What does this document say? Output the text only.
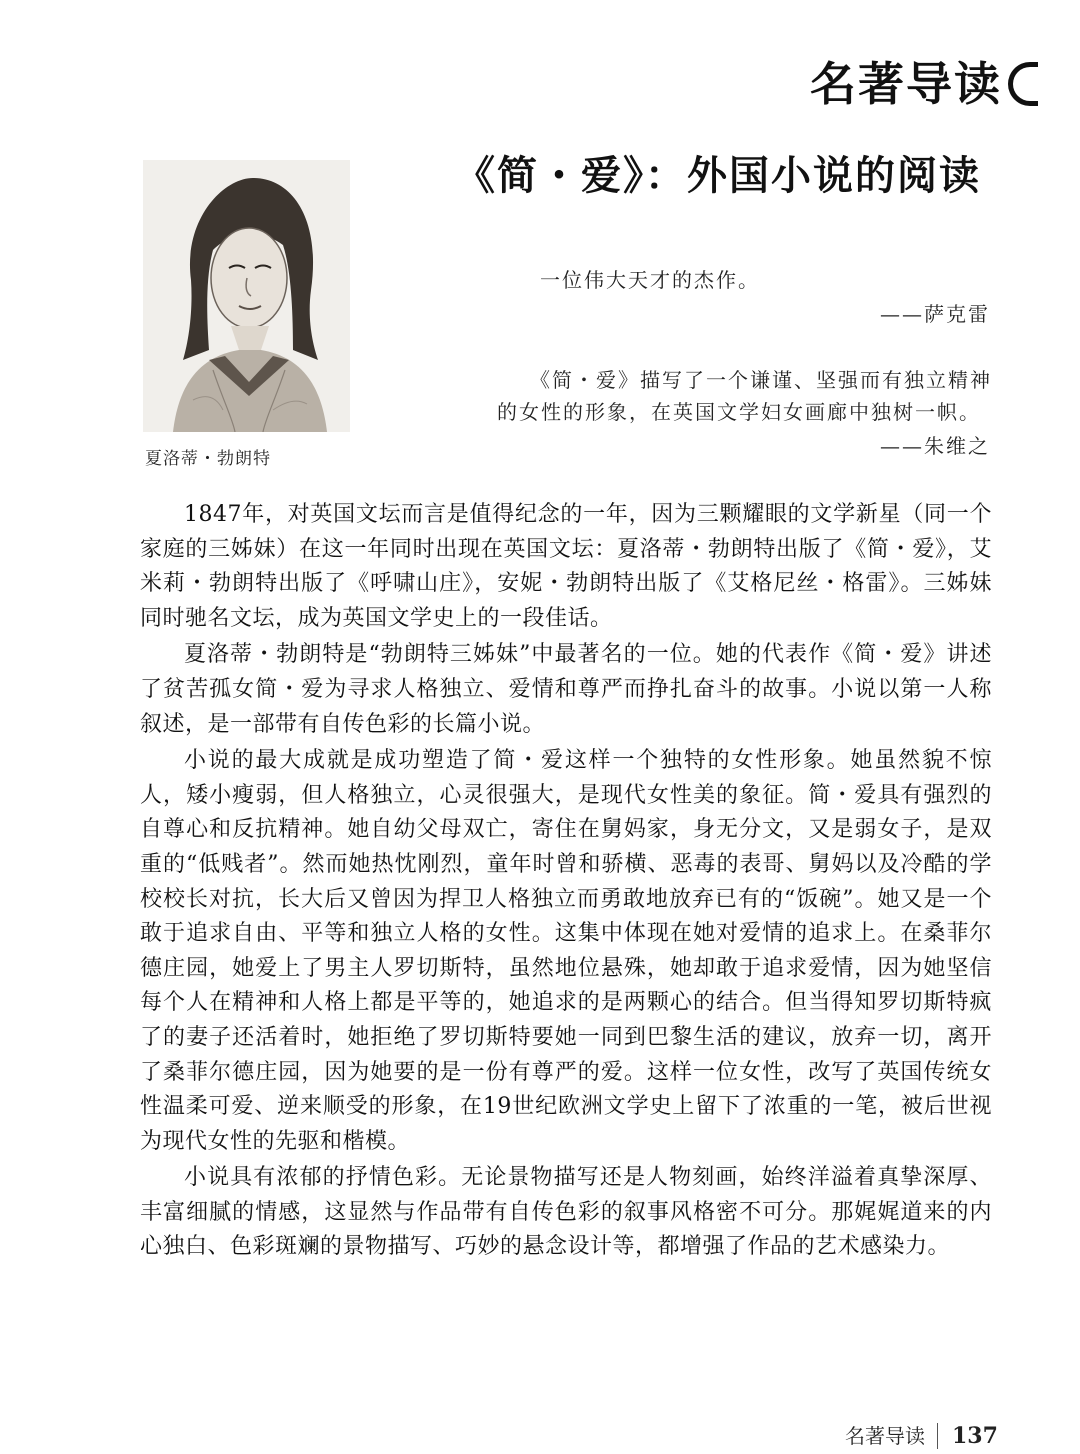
名著导读
夏洛蒂・勃朗特
《简・爱》：外国小说的阅读
一位伟大天才的杰作。
——萨克雷
《简・爱》描写了一个谦谨、坚强而有独立精神
的女性的形象，在英国文学妇女画廊中独树一帜。
——朱维之

1847年，对英国文坛而言是值得纪念的一年，因为三颗耀眼的文学新星（同一个家庭的三姊妹）在这一年同时出现在英国文坛：夏洛蒂・勃朗特出版了《简・爱》，艾米莉・勃朗特出版了《呼啸山庄》，安妮・勃朗特出版了《艾格尼丝・格雷》。三姊妹同时驰名文坛，成为英国文学史上的一段佳话。

夏洛蒂・勃朗特是“勃朗特三姊妹”中最著名的一位。她的代表作《简・爱》讲述了贫苦孤女简・爱为寻求人格独立、爱情和尊严而挣扎奋斗的故事。小说以第一人称叙述，是一部带有自传色彩的长篇小说。

小说的最大成就是成功塑造了简・爱这样一个独特的女性形象。她虽然貌不惊人，矮小瘦弱，但人格独立，心灵很强大，是现代女性美的象征。简・爱具有强烈的自尊心和反抗精神。她自幼父母双亡，寄住在舅妈家，身无分文，又是弱女子，是双重的“低贱者”。然而她热忱刚烈，童年时曾和骄横、恶毒的表哥、舅妈以及冷酷的学校校长对抗，长大后又曾因为捍卫人格独立而勇敢地放弃已有的“饭碗”。她又是一个敢于追求自由、平等和独立人格的女性。这集中体现在她对爱情的追求上。在桑菲尔德庄园，她爱上了男主人罗切斯特，虽然地位悬殊，她却敢于追求爱情，因为她坚信每个人在精神和人格上都是平等的，她追求的是两颗心的结合。但当得知罗切斯特疯了的妻子还活着时，她拒绝了罗切斯特要她一同到巴黎生活的建议，放弃一切，离开了桑菲尔德庄园，因为她要的是一份有尊严的爱。这样一位女性，改写了英国传统女性温柔可爱、逆来顺受的形象，在19世纪欧洲文学史上留下了浓重的一笔，被后世视为现代女性的先驱和楷模。

小说具有浓郁的抒情色彩。无论景物描写还是人物刻画，始终洋溢着真挚深厚、丰富细腻的情感，这显然与作品带有自传色彩的叙事风格密不可分。那娓娓道来的内心独白、色彩斑斓的景物描写、巧妙的悬念设计等，都增强了作品的艺术感染力。

名著导读 137
